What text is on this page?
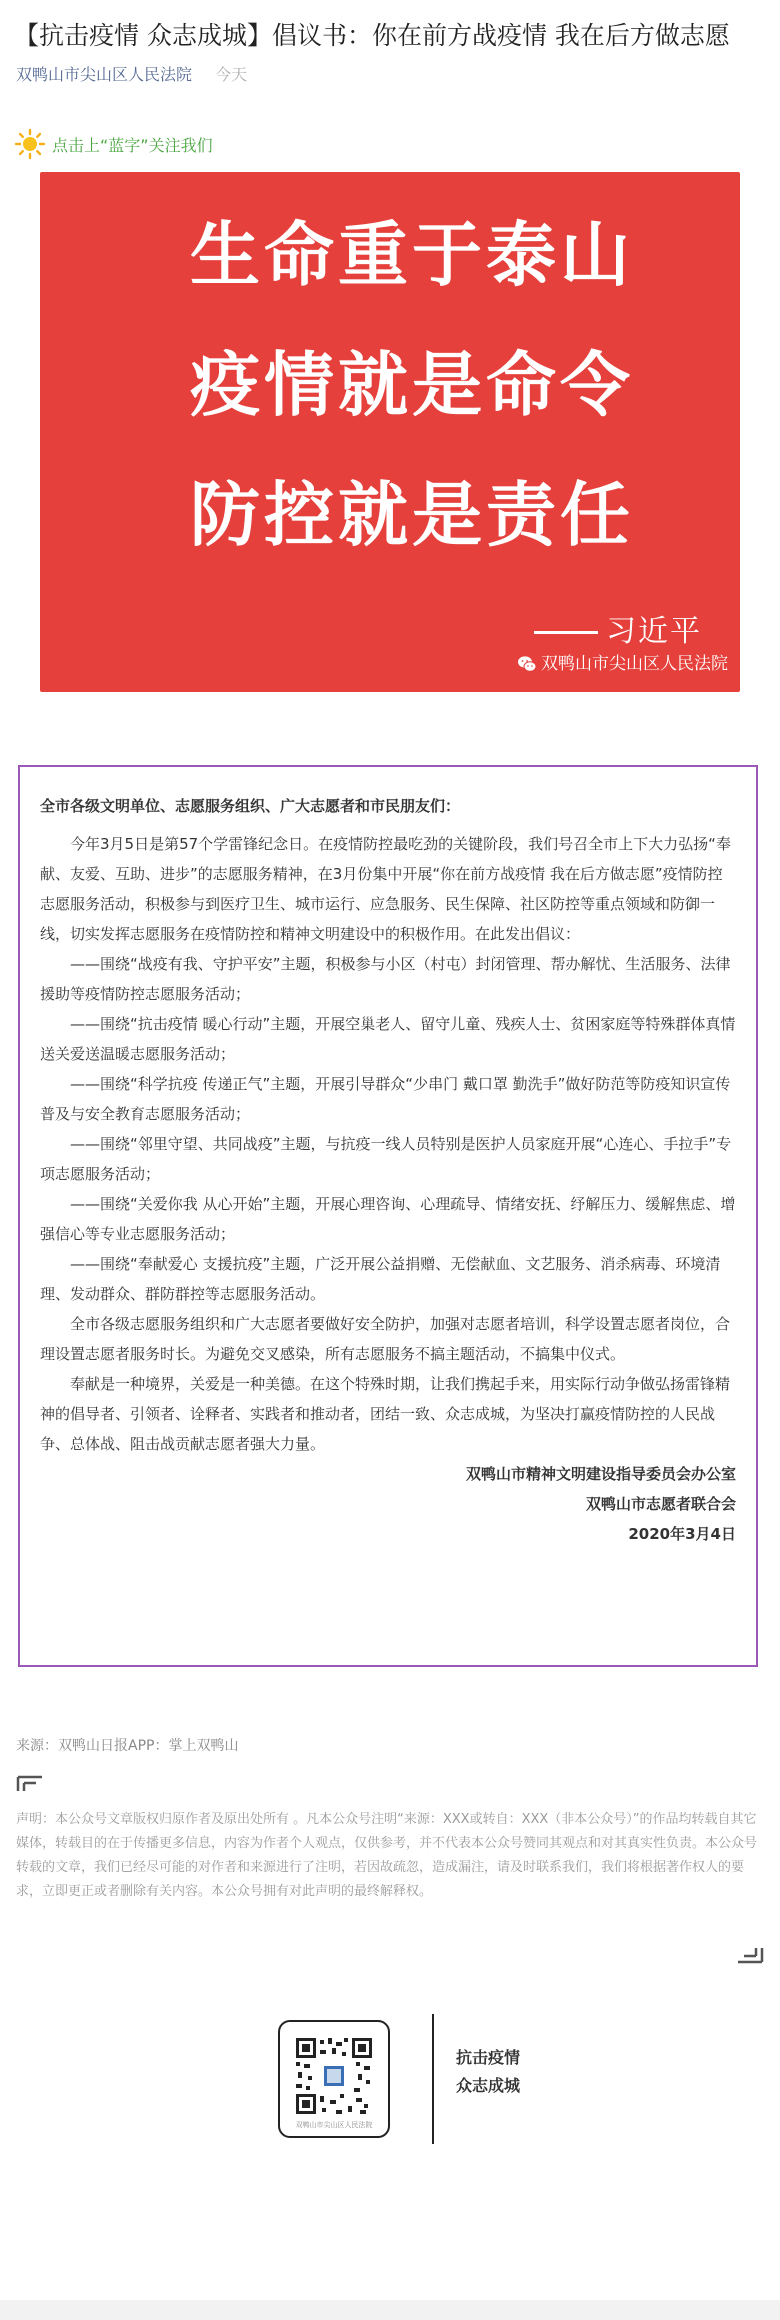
【抗击疫情 众志成城】倡议书：你在前方战疫情 我在后方做志愿
双鸭山市尖山区人民法院 今天
点击上“蓝字”关注我们
生命重于泰山
疫情就是命令
防控就是责任
习近平
双鸭山市尖山区人民法院

全市各级文明单位、志愿服务组织、广大志愿者和市民朋友们：

今年3月5日是第57个学雷锋纪念日。在疫情防控最吃劲的关键阶段，我们号召全市上下大力弘扬“奉献、友爱、互助、进步”的志愿服务精神，在3月份集中开展“你在前方战疫情 我在后方做志愿”疫情防控志愿服务活动，积极参与到医疗卫生、城市运行、应急服务、民生保障、社区防控等重点领域和防御一线，切实发挥志愿服务在疫情防控和精神文明建设中的积极作用。在此发出倡议：

——围绕“战疫有我、守护平安”主题，积极参与小区（村屯）封闭管理、帮办解忧、生活服务、法律援助等疫情防控志愿服务活动；

——围绕“抗击疫情 暖心行动”主题，开展空巢老人、留守儿童、残疾人士、贫困家庭等特殊群体真情送关爱送温暖志愿服务活动；

——围绕“科学抗疫 传递正气”主题，开展引导群众“少串门 戴口罩 勤洗手”做好防范等防疫知识宣传普及与安全教育志愿服务活动；

——围绕“邻里守望、共同战疫”主题，与抗疫一线人员特别是医护人员家庭开展“心连心、手拉手”专项志愿服务活动；

——围绕“关爱你我 从心开始”主题，开展心理咨询、心理疏导、情绪安抚、纾解压力、缓解焦虑、增强信心等专业志愿服务活动；

——围绕“奉献爱心 支援抗疫”主题，广泛开展公益捐赠、无偿献血、文艺服务、消杀病毒、环境清理、发动群众、群防群控等志愿服务活动。

全市各级志愿服务组织和广大志愿者要做好安全防护，加强对志愿者培训，科学设置志愿者岗位，合理设置志愿者服务时长。为避免交叉感染，所有志愿服务不搞主题活动，不搞集中仪式。

奉献是一种境界，关爱是一种美德。在这个特殊时期，让我们携起手来，用实际行动争做弘扬雷锋精神的倡导者、引领者、诠释者、实践者和推动者，团结一致、众志成城，为坚决打赢疫情防控的人民战争、总体战、阻击战贡献志愿者强大力量。

双鸭山市精神文明建设指导委员会办公室

双鸭山市志愿者联合会

2020年3月4日

来源：双鸭山日报APP：掌上双鸭山
声明：本公众号文章版权归原作者及原出处所有 。凡本公众号注明“来源：XXX或转自：XXX（非本公众号）”的作品均转载自其它媒体，转载目的在于传播更多信息，内容为作者个人观点，仅供参考，并不代表本公众号赞同其观点和对其真实性负责。本公众号转载的文章，我们已经尽可能的对作者和来源进行了注明，若因故疏忽，造成漏注，请及时联系我们，我们将根据著作权人的要求，立即更正或者删除有关内容。本公众号拥有对此声明的最终解释权。
双鸭山市尖山区人民法院
抗击疫情
众志成城
